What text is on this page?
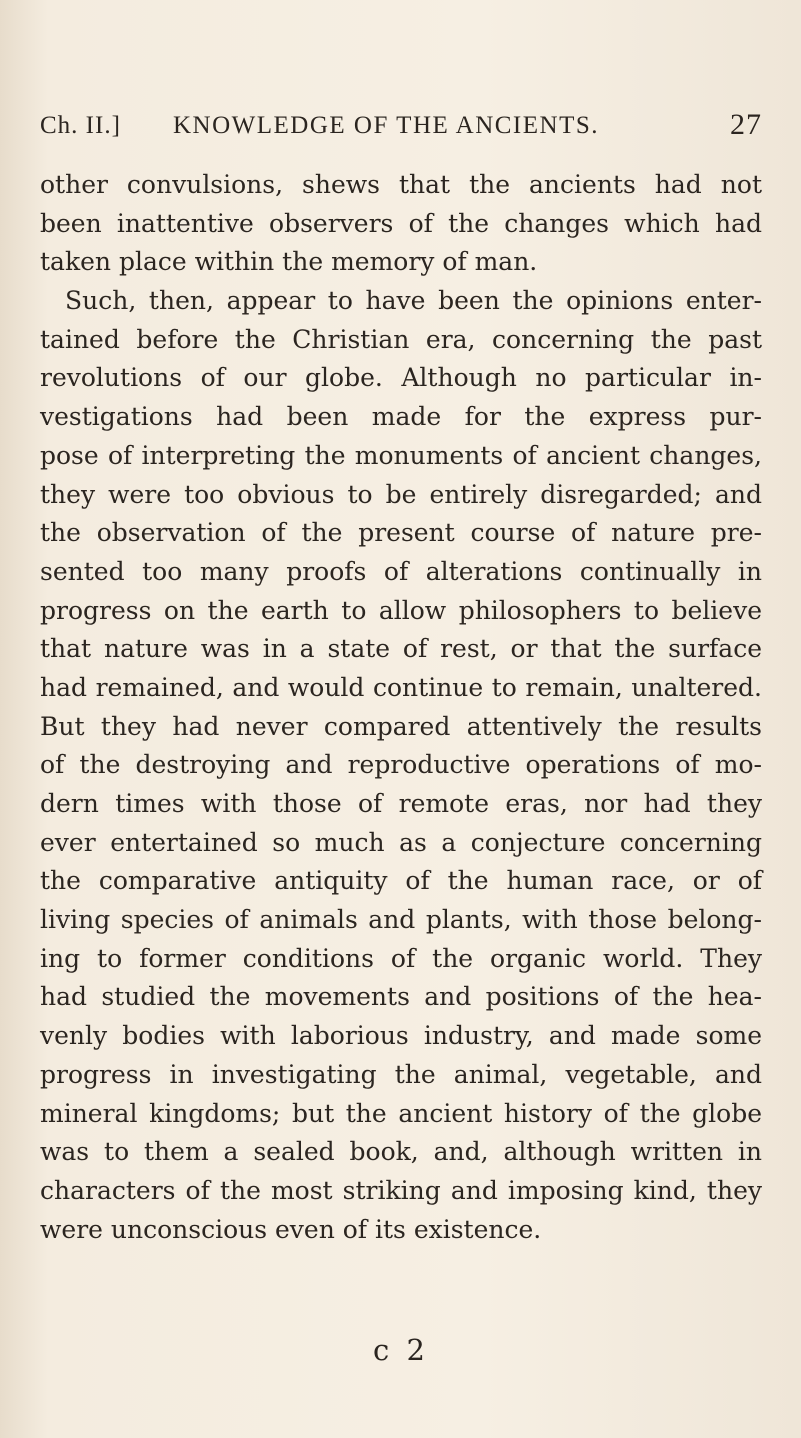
Ch. II.] KNOWLEDGE OF THE ANCIENTS.	27
other convulsions, shews that the ancients had not
been inattentive observers of the changes which had
taken place within the memory of man.
Such, then, appear to have been the opinions enter-
tained before the Christian era, concerning the past
revolutions of our globe. Although no particular in-
vestigations had been made for the express pur-
pose of interpreting the monuments of ancient changes,
they were too obvious to be entirely disregarded; and
the observation of the present course of nature pre-
sented too many proofs of alterations continually in
progress on the earth to allow philosophers to believe
that nature was in a state of rest, or that the surface
had remained, and would continue to remain, unaltered.
But they had never compared attentively the results
of the destroying and reproductive operations of mo-
dern times with those of remote eras, nor had they
ever entertained so much as a conjecture concerning
the comparative antiquity of the human race, or of
living species of animals and plants, with those belong-
ing to former conditions of the organic world. They
had studied the movements and positions of the hea-
venly bodies with laborious industry, and made some
progress in investigating the animal, vegetable, and
mineral kingdoms; but the ancient history of the globe
was to them a sealed book, and, although written in
characters of the most striking and imposing kind, they
were unconscious even of its existence.
c 2
